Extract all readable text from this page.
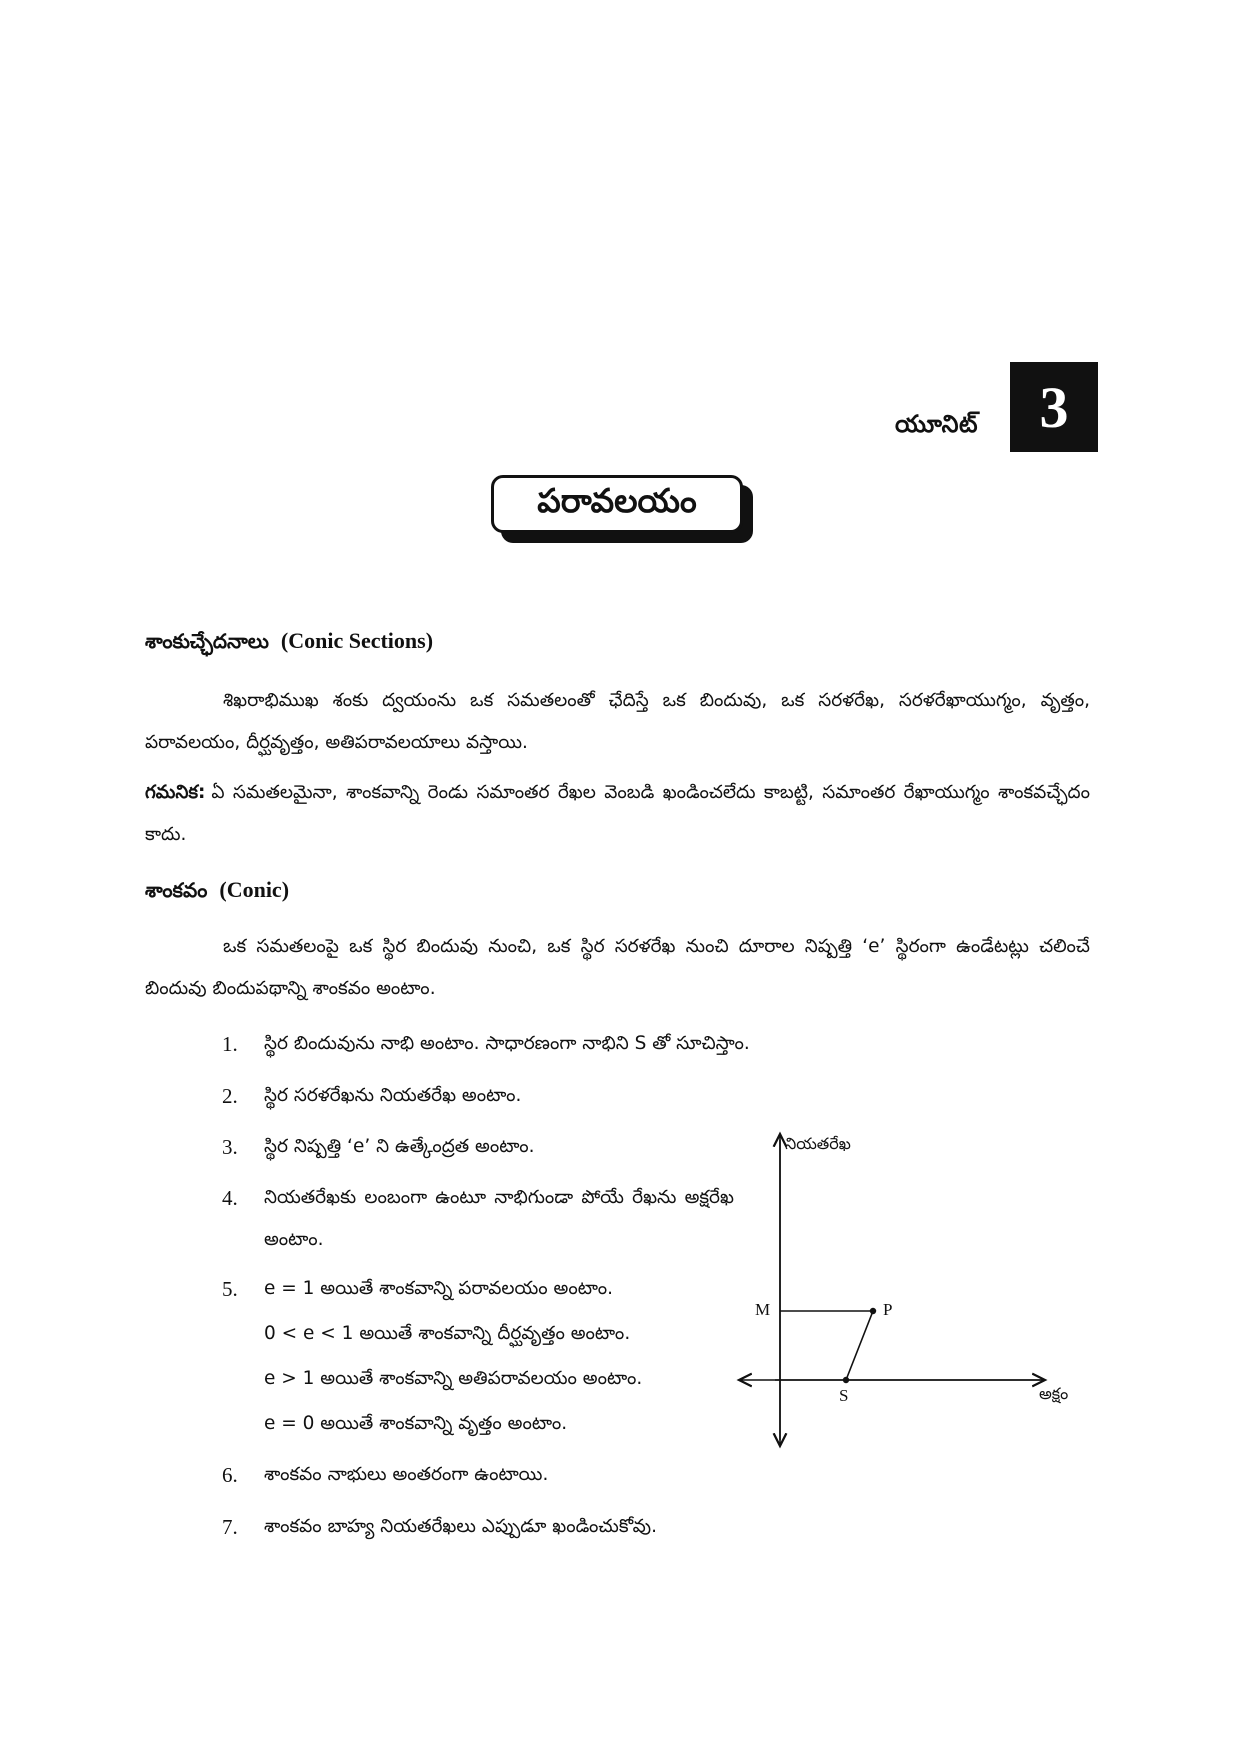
యూనిట్	3
పరావలయం
శాంకుచ్ఛేదనాలు (Conic Sections)
శిఖరాభిముఖ శంకు ద్వయంను ఒక సమతలంతో ఛేదిస్తే ఒక బిందువు, ఒక సరళరేఖ, సరళరేఖాయుగ్మం, వృత్తం, పరావలయం, దీర్ఘవృత్తం, అతిపరావలయాలు వస్తాయి.
గమనిక: ఏ సమతలమైనా, శాంకవాన్ని రెండు సమాంతర రేఖల వెంబడి ఖండించలేదు కాబట్టి, సమాంతర రేఖాయుగ్మం శాంకవచ్ఛేదం కాదు.
శాంకవం (Conic)
ఒక సమతలంపై ఒక స్థిర బిందువు నుంచి, ఒక స్థిర సరళరేఖ నుంచి దూరాల నిష్పత్తి ‘e’ స్థిరంగా ఉండేటట్లు చలించే బిందువు బిందుపథాన్ని శాంకవం అంటాం.
1.	స్థిర బిందువును నాభి అంటాం. సాధారణంగా నాభిని S తో సూచిస్తాం.
2.	స్థిర సరళరేఖను నియతరేఖ అంటాం.
3.	స్థిర నిష్పత్తి ‘e’ ని ఉత్కేంద్రత అంటాం.
4.	నియతరేఖకు లంబంగా ఉంటూ నాభిగుండా పోయే రేఖను అక్షరేఖ అంటాం.
5.	e = 1 అయితే శాంకవాన్ని పరావలయం అంటాం.
0 < e < 1 అయితే శాంకవాన్ని దీర్ఘవృత్తం అంటాం.
e > 1 అయితే శాంకవాన్ని అతిపరావలయం అంటాం.
e = 0 అయితే శాంకవాన్ని వృత్తం అంటాం.
6.	శాంకవం నాభులు అంతరంగా ఉంటాయి.
7.	శాంకవం బాహ్య నియతరేఖలు ఎప్పుడూ ఖండించుకోవు.
నియతరేఖ
అక్షం
M	P
S
